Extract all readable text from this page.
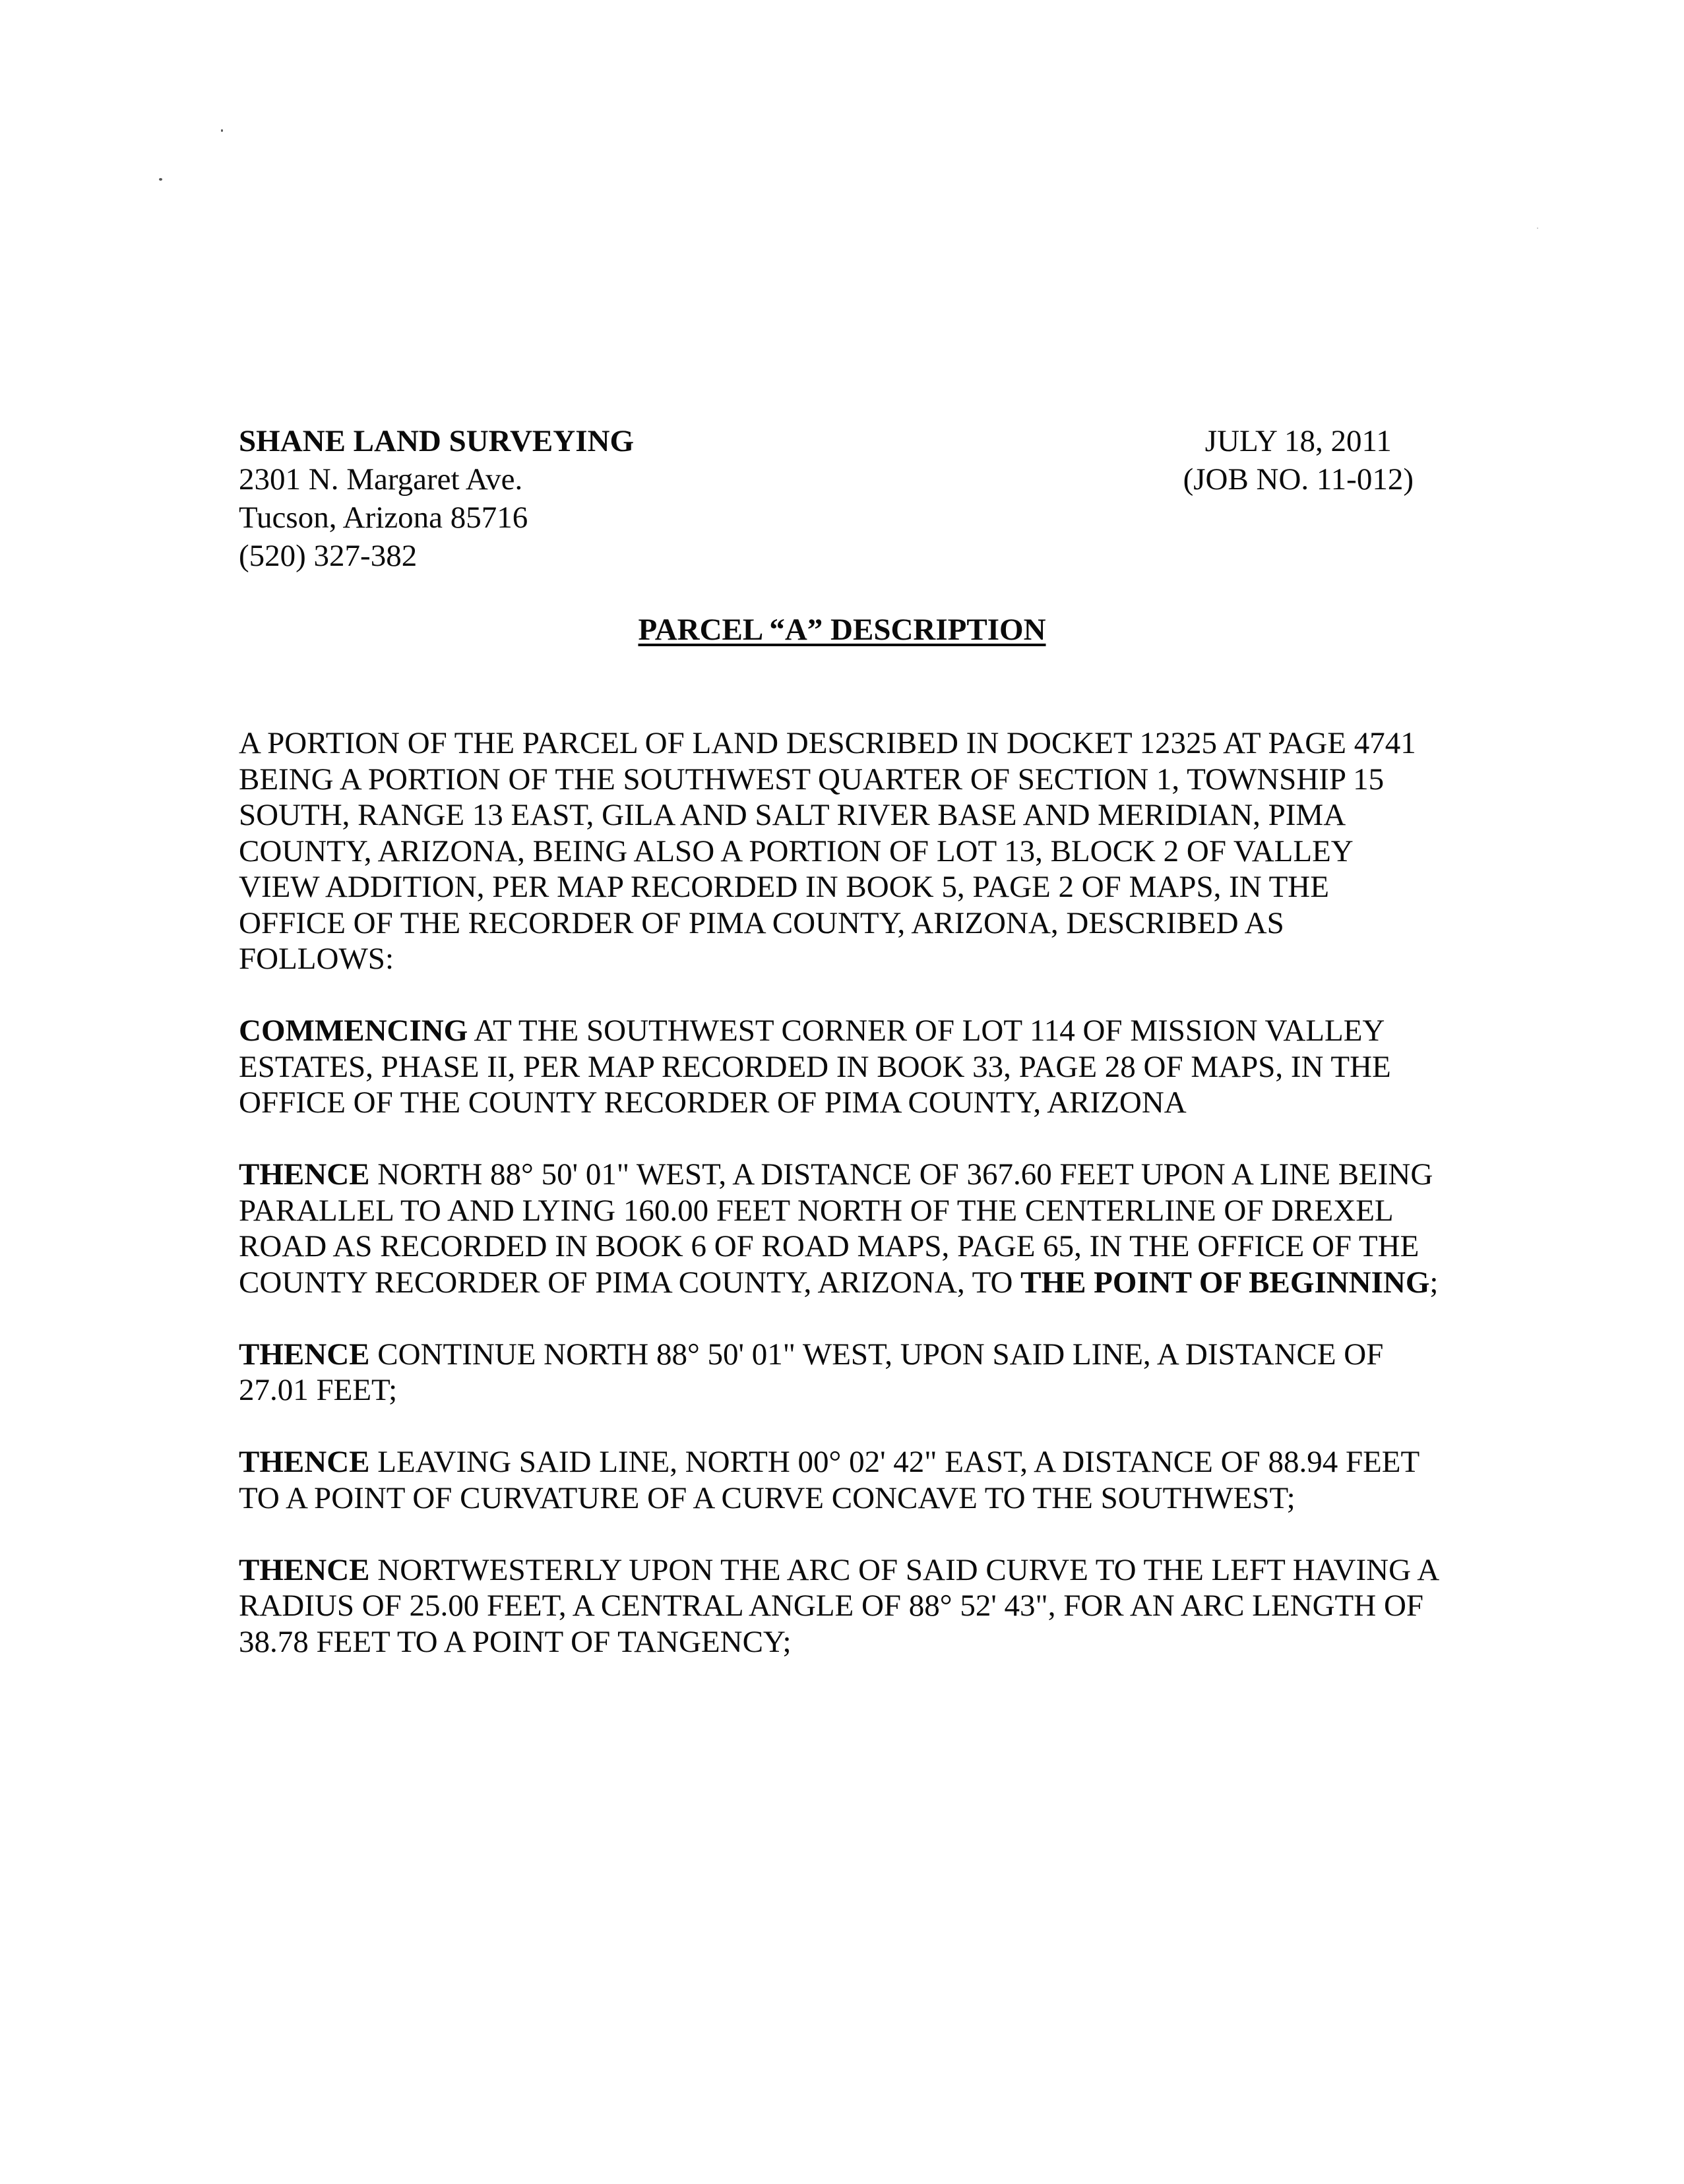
SHANE LAND SURVEYING
2301 N. Margaret Ave.
Tucson, Arizona 85716
(520) 327-382
JULY 18, 2011
(JOB NO. 11-012)
PARCEL “A” DESCRIPTION

A PORTION OF THE PARCEL OF LAND DESCRIBED IN DOCKET 12325 AT PAGE 4741 BEING A PORTION OF THE SOUTHWEST QUARTER OF SECTION 1, TOWNSHIP 15 SOUTH, RANGE 13 EAST, GILA AND SALT RIVER BASE AND MERIDIAN, PIMA COUNTY, ARIZONA, BEING ALSO A PORTION OF LOT 13, BLOCK 2 OF VALLEY VIEW ADDITION, PER MAP RECORDED IN BOOK 5, PAGE 2 OF MAPS, IN THE OFFICE OF THE RECORDER OF PIMA COUNTY, ARIZONA, DESCRIBED AS FOLLOWS:

COMMENCING AT THE SOUTHWEST CORNER OF LOT 114 OF MISSION VALLEY ESTATES, PHASE II, PER MAP RECORDED IN BOOK 33, PAGE 28 OF MAPS, IN THE OFFICE OF THE COUNTY RECORDER OF PIMA COUNTY, ARIZONA

THENCE NORTH 88° 50' 01" WEST, A DISTANCE OF 367.60 FEET UPON A LINE BEING PARALLEL TO AND LYING 160.00 FEET NORTH OF THE CENTERLINE OF DREXEL ROAD AS RECORDED IN BOOK 6 OF ROAD MAPS, PAGE 65, IN THE OFFICE OF THE COUNTY RECORDER OF PIMA COUNTY, ARIZONA, TO THE POINT OF BEGINNING;

THENCE CONTINUE NORTH 88° 50' 01" WEST, UPON SAID LINE, A DISTANCE OF 27.01 FEET;

THENCE LEAVING SAID LINE, NORTH 00° 02' 42" EAST, A DISTANCE OF 88.94 FEET TO A POINT OF CURVATURE OF A CURVE CONCAVE TO THE SOUTHWEST;

THENCE NORTWESTERLY UPON THE ARC OF SAID CURVE TO THE LEFT HAVING A RADIUS OF 25.00 FEET, A CENTRAL ANGLE OF 88° 52' 43", FOR AN ARC LENGTH OF 38.78 FEET TO A POINT OF TANGENCY;
